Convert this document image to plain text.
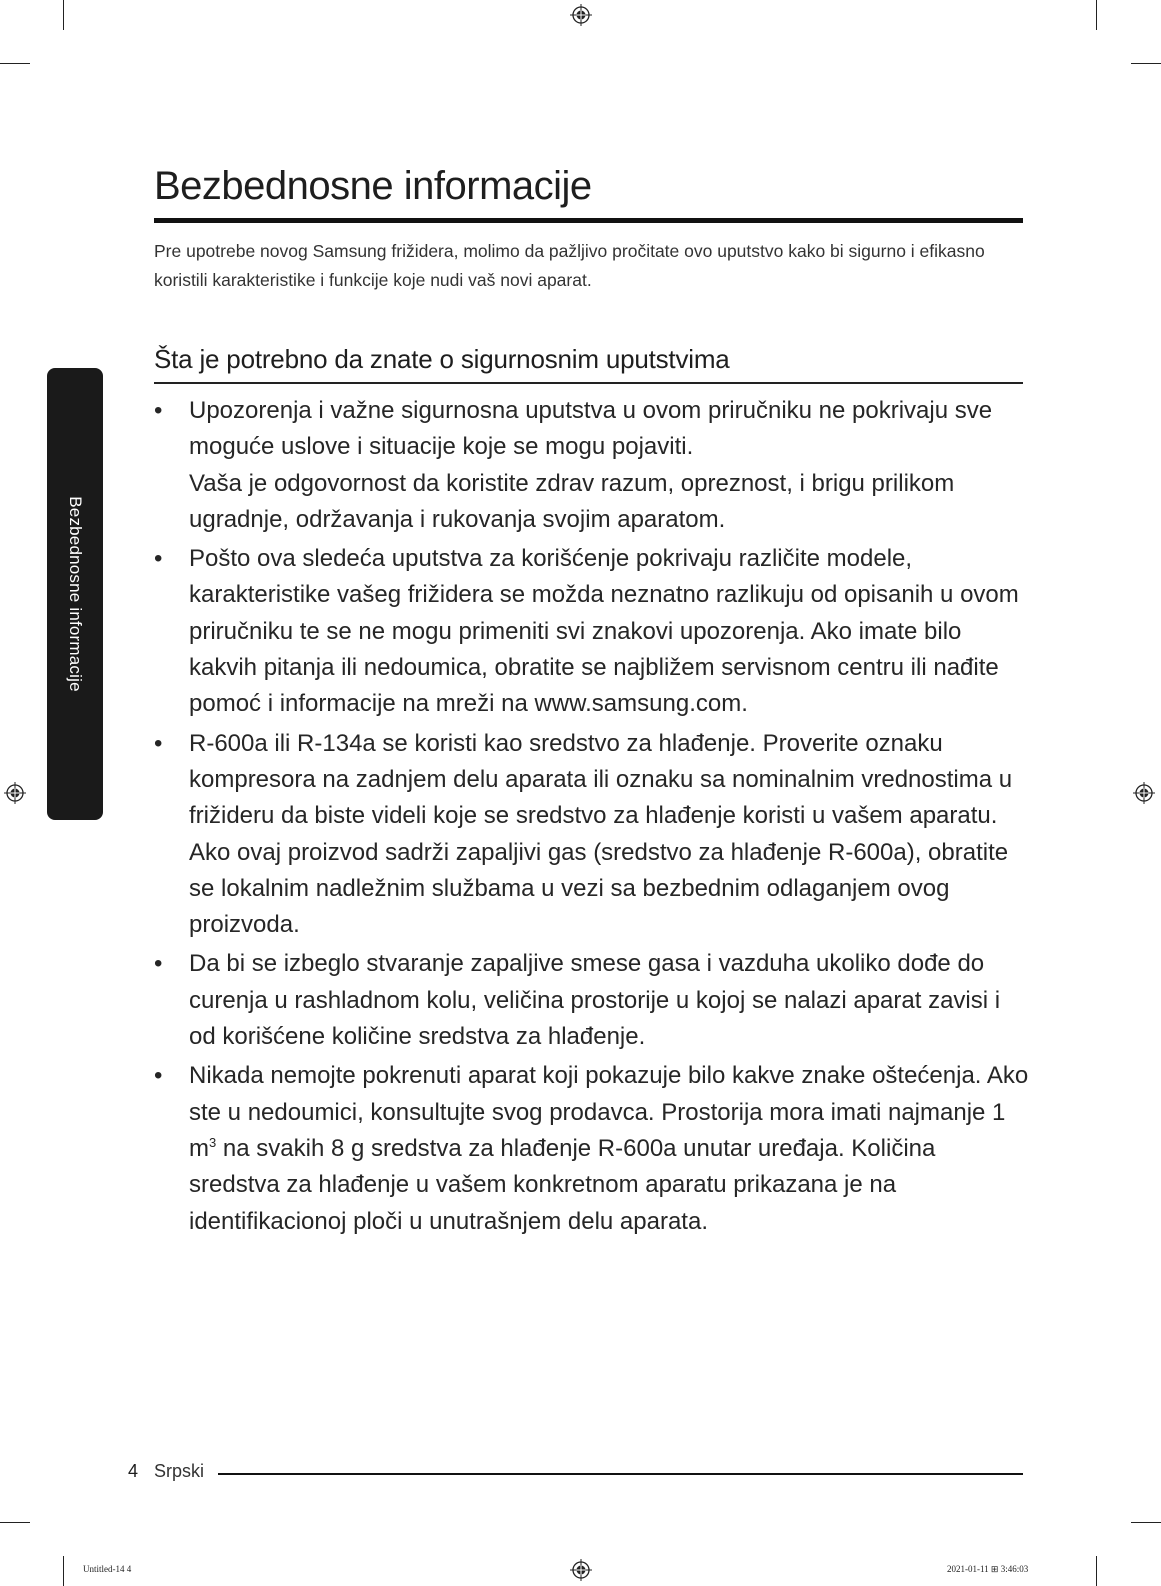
Bezbednosne informacije
Bezbednosne informacije

Pre upotrebe novog Samsung frižidera, molimo da pažljivo pročitate ovo uputstvo kako bi sigurno i efikasno koristili karakteristike i funkcije koje nudi vaš novi aparat.

Šta je potrebno da znate o sigurnosnim uputstvima
• Upozorenja i važne sigurnosna uputstva u ovom priručniku ne pokrivaju sve moguće uslove i situacije koje se mogu pojaviti.

Vaša je odgovornost da koristite zdrav razum, opreznost, i brigu prilikom ugradnje, održavanja i rukovanja svojim aparatom.

• Pošto ova sledeća uputstva za korišćenje pokrivaju različite modele, karakteristike vašeg frižidera se možda neznatno razlikuju od opisanih u ovom priručniku te se ne mogu primeniti svi znakovi upozorenja. Ako imate bilo kakvih pitanja ili nedoumica, obratite se najbližem servisnom centru ili nađite pomoć i informacije na mreži na www.samsung.com.

• R-600a ili R-134a se koristi kao sredstvo za hlađenje. Proverite oznaku kompresora na zadnjem delu aparata ili oznaku sa nominalnim vrednostima u frižideru da biste videli koje se sredstvo za hlađenje koristi u vašem aparatu. Ako ovaj proizvod sadrži zapaljivi gas (sredstvo za hlađenje R-600a), obratite se lokalnim nadležnim službama u vezi sa bezbednim odlaganjem ovog proizvoda.

• Da bi se izbeglo stvaranje zapaljive smese gasa i vazduha ukoliko dođe do curenja u rashladnom kolu, veličina prostorije u kojoj se nalazi aparat zavisi i od korišćene količine sredstva za hlađenje.

• Nikada nemojte pokrenuti aparat koji pokazuje bilo kakve znake oštećenja. Ako ste u nedoumici, konsultujte svog prodavca. Prostorija mora imati najmanje 1 $m^3$ na svakih 8 g sredstva za hlađenje R-600a unutar uređaja. Količina sredstva za hlađenje u vašem konkretnom aparatu prikazana je na identifikacionoj ploči u unutrašnjem delu aparata.

4 Srpski
Untitled-14 4	2021-01-11 ⊞ 3:46:03
